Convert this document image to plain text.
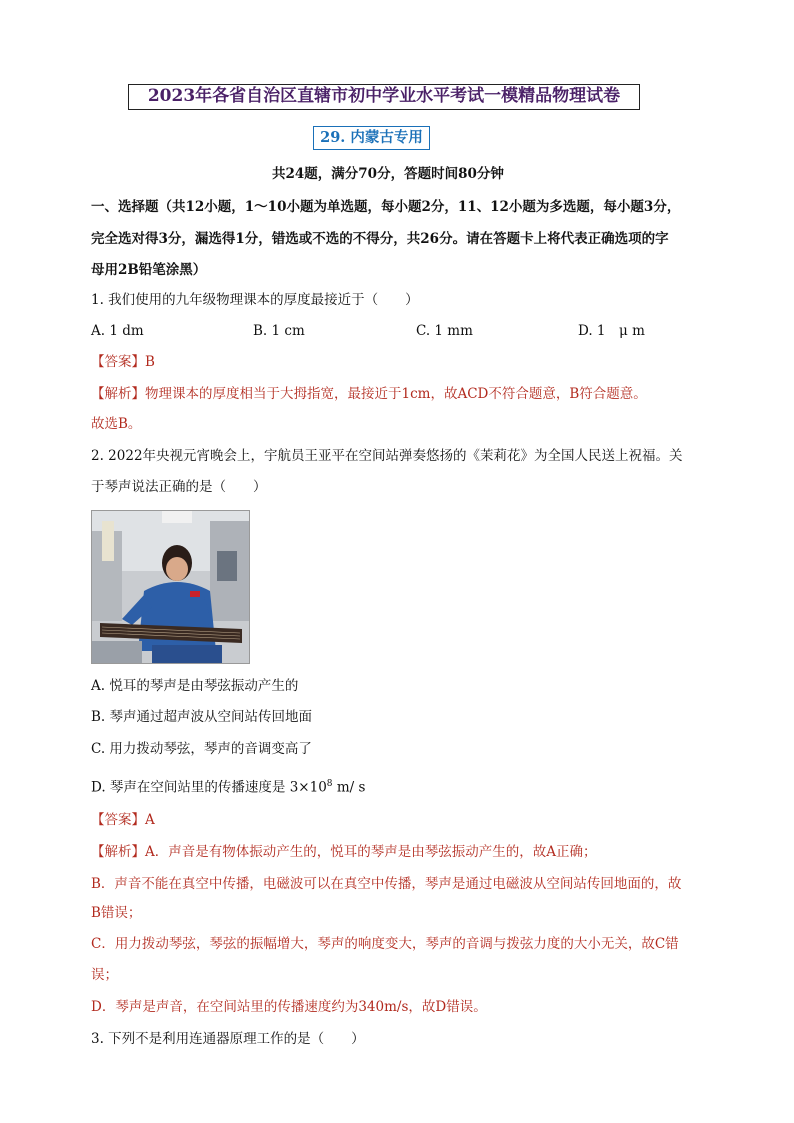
2023年各省自治区直辖市初中学业水平考试一模精品物理试卷
29. 内蒙古专用
共24题，满分70分，答题时间80分钟
一、选择题（共12小题，1～10小题为单选题，每小题2分，11、12小题为多选题，每小题3分，
完全选对得3分，漏选得1分，错选或不选的不得分，共26分。请在答题卡上将代表正确选项的字
母用2B铅笔涂黑）
1. 我们使用的九年级物理课本的厚度最接近于（　　）
A. 1 dm	B. 1 cm	C. 1 mm	D. 1　μ m
【答案】B
【解析】物理课本的厚度相当于大拇指宽，最接近于1cm，故ACD不符合题意，B符合题意。
故选B。
2. 2022年央视元宵晚会上，宇航员王亚平在空间站弹奏悠扬的《茉莉花》为全国人民送上祝福。关
于琴声说法正确的是（　　）
A. 悦耳的琴声是由琴弦振动产生的
B. 琴声通过超声波从空间站传回地面
C. 用力拨动琴弦，琴声的音调变高了
D. 琴声在空间站里的传播速度是 $3\times 10^8$ m/ s
【答案】A
【解析】A．声音是有物体振动产生的，悦耳的琴声是由琴弦振动产生的，故A正确；
B．声音不能在真空中传播，电磁波可以在真空中传播，琴声是通过电磁波从空间站传回地面的，故
B错误；
C．用力拨动琴弦，琴弦的振幅增大，琴声的响度变大，琴声的音调与拨弦力度的大小无关，故C错
误；
D．琴声是声音，在空间站里的传播速度约为340m/s，故D错误。
3. 下列不是利用连通器原理工作的是（　　）
